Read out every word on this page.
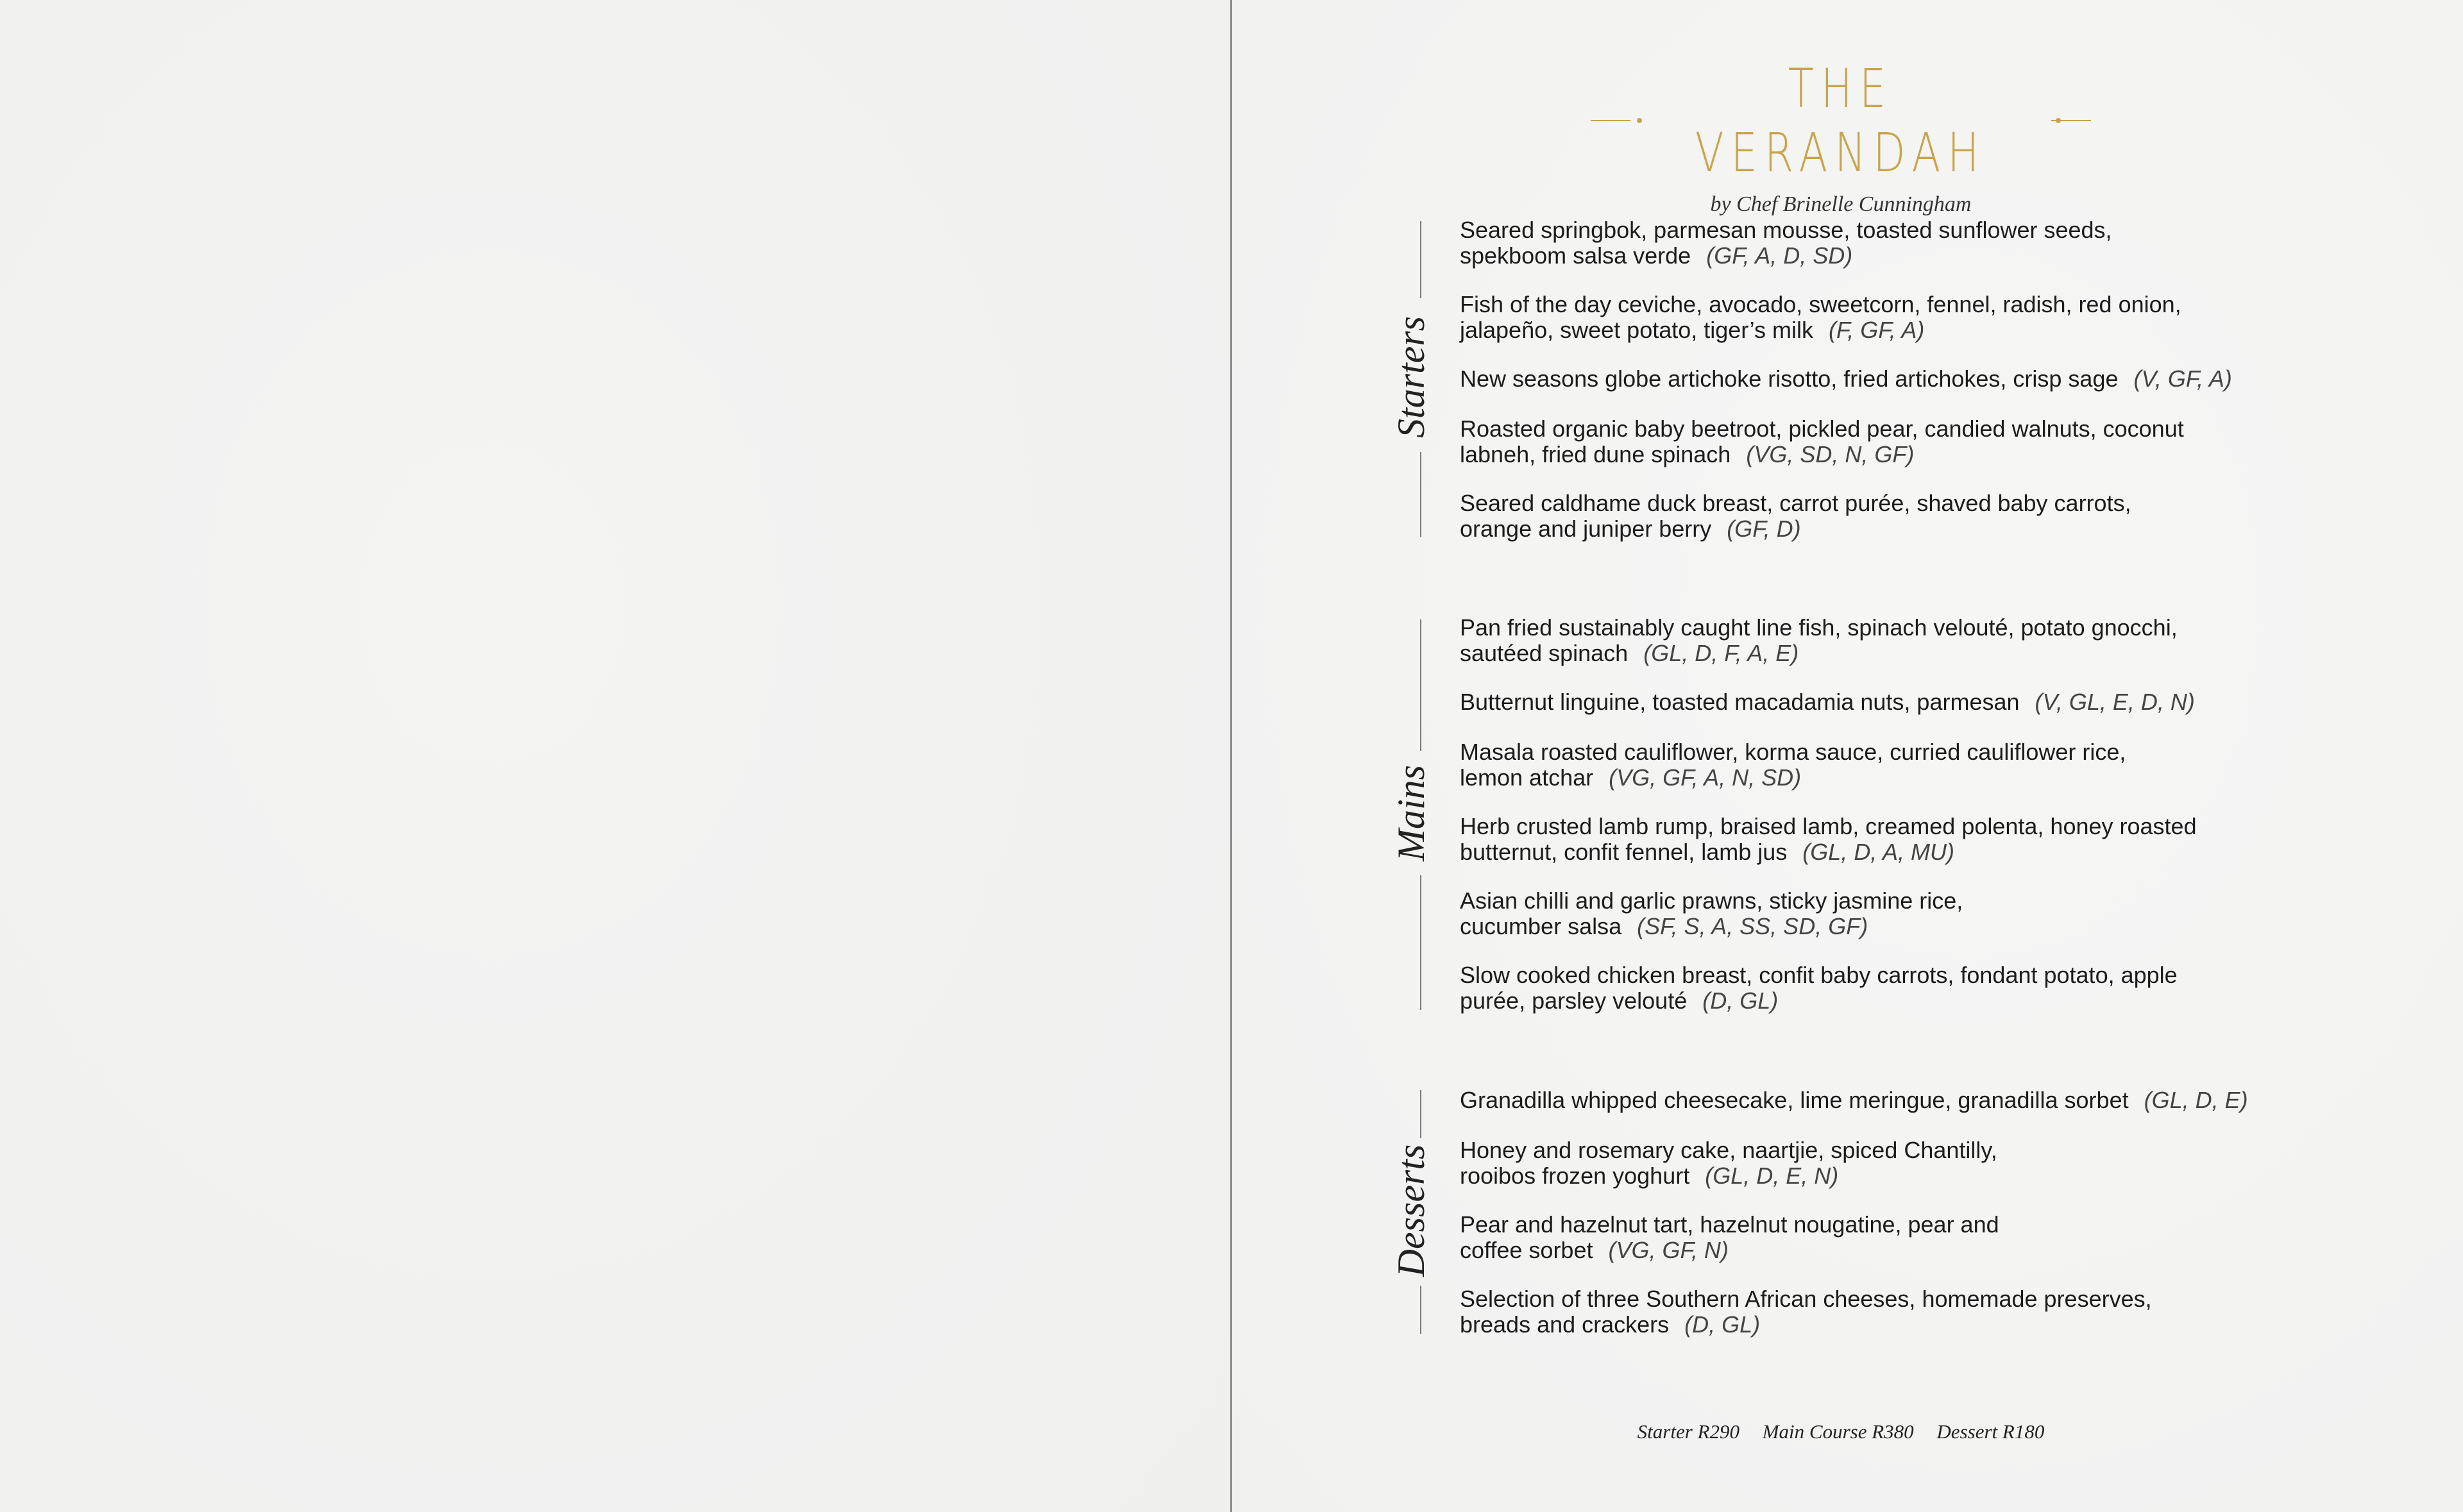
THE VERANDAH
by Chef Brinelle Cunningham
Starters
Seared springbok, parmesan mousse, toasted sunflower seeds,
spekboom salsa verde (GF, A, D, SD)
Fish of the day ceviche, avocado, sweetcorn, fennel, radish, red onion,
jalapeño, sweet potato, tiger’s milk (F, GF, A)
New seasons globe artichoke risotto, fried artichokes, crisp sage (V, GF, A)
Roasted organic baby beetroot, pickled pear, candied walnuts, coconut
labneh, fried dune spinach (VG, SD, N, GF)
Seared caldhame duck breast, carrot purée, shaved baby carrots,
orange and juniper berry (GF, D)
Mains
Pan fried sustainably caught line fish, spinach velouté, potato gnocchi,
sautéed spinach (GL, D, F, A, E)
Butternut linguine, toasted macadamia nuts, parmesan (V, GL, E, D, N)
Masala roasted cauliflower, korma sauce, curried cauliflower rice,
lemon atchar (VG, GF, A, N, SD)
Herb crusted lamb rump, braised lamb, creamed polenta, honey roasted
butternut, confit fennel, lamb jus (GL, D, A, MU)
Asian chilli and garlic prawns, sticky jasmine rice,
cucumber salsa (SF, S, A, SS, SD, GF)
Slow cooked chicken breast, confit baby carrots, fondant potato, apple
purée, parsley velouté (D, GL)
Desserts
Granadilla whipped cheesecake, lime meringue, granadilla sorbet (GL, D, E)
Honey and rosemary cake, naartjie, spiced Chantilly,
rooibos frozen yoghurt (GL, D, E, N)
Pear and hazelnut tart, hazelnut nougatine, pear and
coffee sorbet (VG, GF, N)
Selection of three Southern African cheeses, homemade preserves,
breads and crackers (D, GL)
Starter R290 Main Course R380 Dessert R180
